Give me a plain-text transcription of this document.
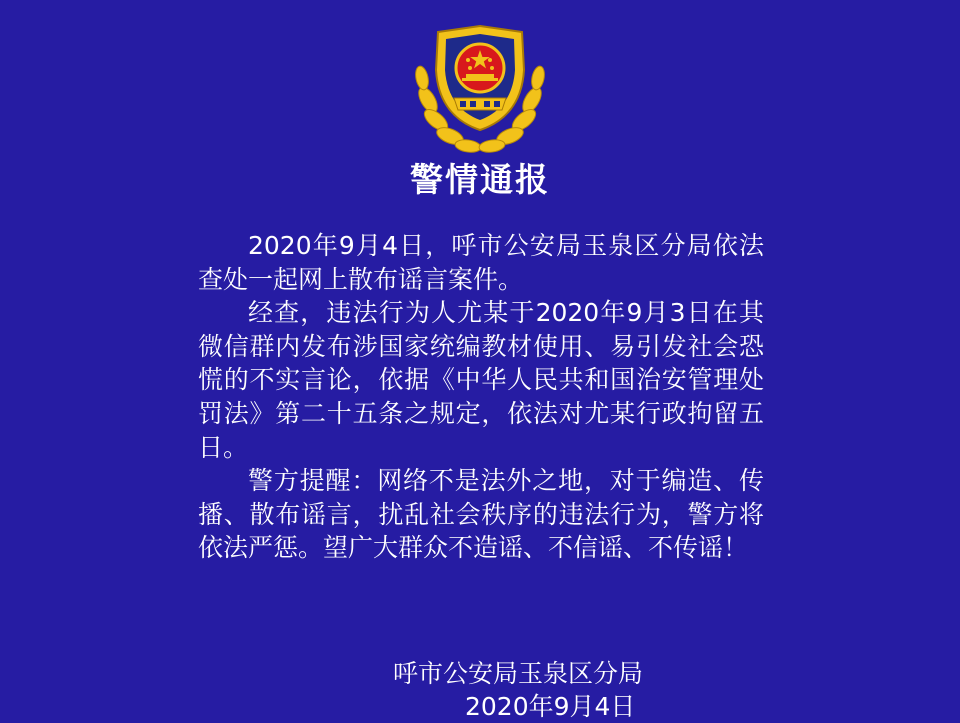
警情通报

2020年9月4日，呼市公安局玉泉区分局依法查处一起网上散布谣言案件。

经查，违法行为人尤某于2020年9月3日在其微信群内发布涉国家统编教材使用、易引发社会恐慌的不实言论，依据《中华人民共和国治安管理处罚法》第二十五条之规定，依法对尤某行政拘留五日。

警方提醒：网络不是法外之地，对于编造、传播、散布谣言，扰乱社会秩序的违法行为，警方将依法严惩。望广大群众不造谣、不信谣、不传谣！

呼市公安局玉泉区分局
2020年9月4日
